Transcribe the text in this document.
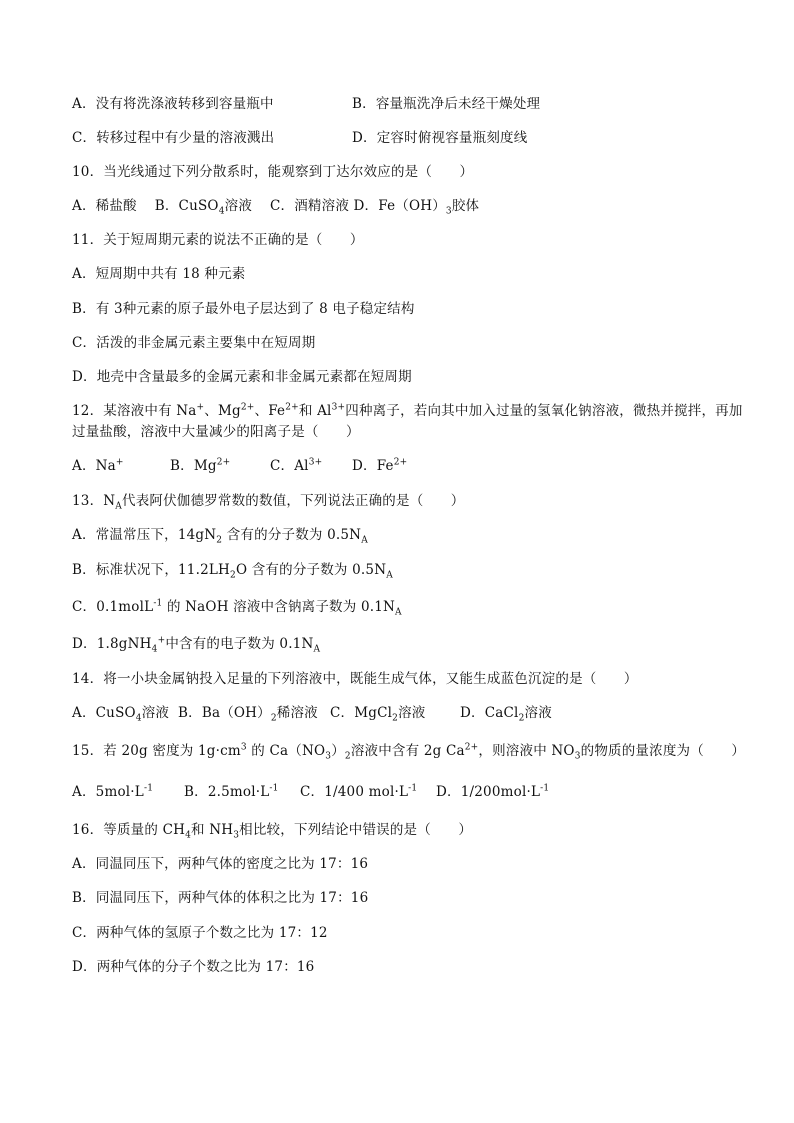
A．没有将洗涤液转移到容量瓶中	B．容量瓶洗净后未经干燥处理
C．转移过程中有少量的溶液溅出	D．定容时俯视容量瓶刻度线
10．当光线通过下列分散系时，能观察到丁达尔效应的是（　　）
A．稀盐酸 B．CuSO$_4$溶液 C．酒精溶液 D．$Fe(OH)_3$胶体
11．关于短周期元素的说法不正确的是（　　）
A．短周期中共有 18 种元素
B．有 3种元素的原子最外电子层达到了 8 电子稳定结构
C．活泼的非金属元素主要集中在短周期
D．地壳中含量最多的金属元素和非金属元素都在短周期
12．某溶液中有 Na+、$Mg^{2+}$、$Fe^{2+}$和 $Al^{3+}$四种离子，若向其中加入过量的氢氧化钠溶液，微热并搅拌，再加
过量盐酸，溶液中大量减少的阳离子是（　　）
A．Na+	B．$Mg^{2+}$	C．$Al^{3+}$ D．$Fe^{2+}$
13．$N_A$代表阿伏伽德罗常数的数值，下列说法正确的是（　　）
A．常温常压下，$14gN_2$ 含有的分子数为 $0.5N_A$
B．标准状况下，$11.2LH_2O$ 含有的分子数为 $0.5N_A$
C．0.1molL$^{-1}$ 的 NaOH 溶液中含钠离子数为 $0.1N_A$
D．1.8gNH$_4$+中含有的电子数为 $0.1N_A$
14．将一小块金属钠投入足量的下列溶液中，既能生成气体，又能生成蓝色沉淀的是（　　）
A．CuSO$_4$溶液 B．$Ba(OH)_2$稀溶液 C．MgCl$_2$溶液	D．CaCl$_2$溶液
15．若 20g 密度为 $1g\cdot cm^3$ 的 $Ca(NO_3)_2$溶液中含有 2g $Ca^{2+}$，则溶液中 $NO_3$的物质的量浓度为（　　）
A．$5mol\cdot L^{-1}$ B．$2.5mol\cdot L^{-1}$ C．1/400 $mol\cdot L^{-1}$ D．$1/200mol\cdot L^{-1}$
16．等质量的 $CH_4$和 $NH_3$相比较，下列结论中错误的是（　　）
A．同温同压下，两种气体的密度之比为 17：16
B．同温同压下，两种气体的体积之比为 17：16
C．两种气体的氢原子个数之比为 17：12
D．两种气体的分子个数之比为 17：16
